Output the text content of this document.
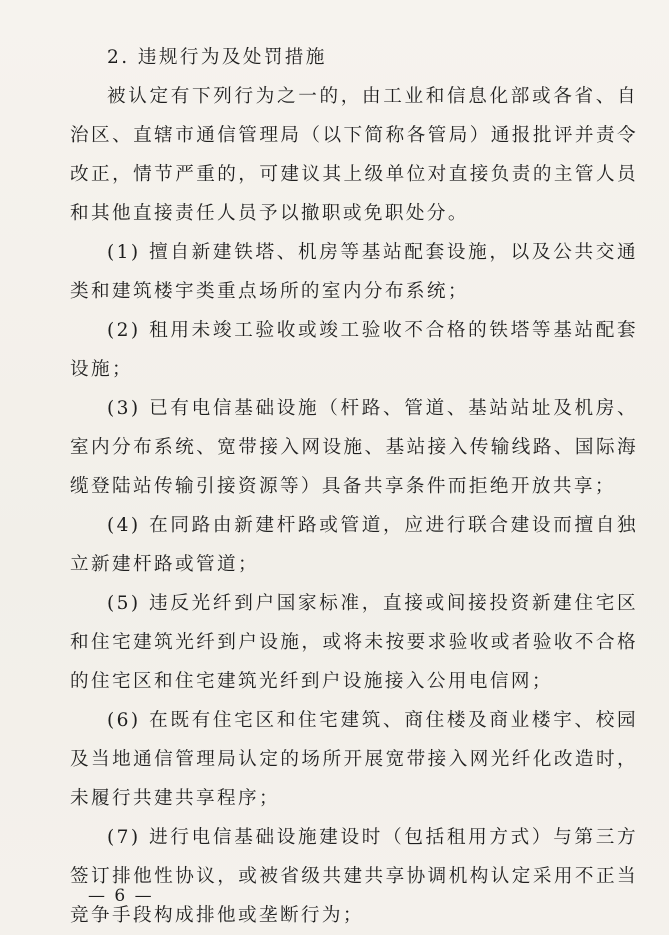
2. 违规行为及处罚措施

被认定有下列行为之一的，由工业和信息化部或各省、自治区、直辖市通信管理局（以下简称各管局）通报批评并责令改正，情节严重的，可建议其上级单位对直接负责的主管人员和其他直接责任人员予以撤职或免职处分。

(1) 擅自新建铁塔、机房等基站配套设施，以及公共交通类和建筑楼宇类重点场所的室内分布系统；

(2) 租用未竣工验收或竣工验收不合格的铁塔等基站配套设施；

(3) 已有电信基础设施（杆路、管道、基站站址及机房、室内分布系统、宽带接入网设施、基站接入传输线路、国际海缆登陆站传输引接资源等）具备共享条件而拒绝开放共享；

(4) 在同路由新建杆路或管道，应进行联合建设而擅自独立新建杆路或管道；

(5) 违反光纤到户国家标准，直接或间接投资新建住宅区和住宅建筑光纤到户设施，或将未按要求验收或者验收不合格的住宅区和住宅建筑光纤到户设施接入公用电信网；

(6) 在既有住宅区和住宅建筑、商住楼及商业楼宇、校园及当地通信管理局认定的场所开展宽带接入网光纤化改造时，未履行共建共享程序；

(7) 进行电信基础设施建设时（包括租用方式）与第三方签订排他性协议，或被省级共建共享协调机构认定采用不正当竞争手段构成排他或垄断行为；

— 6 —
